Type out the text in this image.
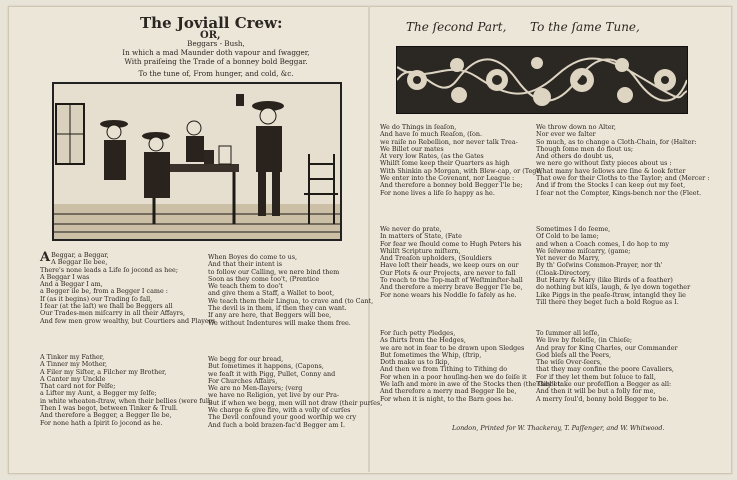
The Joviall Crew:
OR,
Beggars - Bush,
In which a mad Maunder doth vapour and ſwagger,
With praiſeing the Trade of a bonney bold Beggar.
To the tune of, From hunger, and cold, &c.
A Beggar, a Beggar,
A Beggar Ile bee,
There's none leads a Life ſo jocond as hee;
A Beggar I was
And a Beggar I am,
a Begger ile be, from a Begger I came :
If (as it begins) our Trading ſo fall,
I fear (at the laſt) we ſhall be Beggers all
Our Trades-men miſcarry in all their Affayrs,
And few men grow wealthy, but Courtiers and Players
When Boyes do come to us,
And that their intent is
to follow our Calling, we nere bind them
Soon as they come too't, (Prentice
We teach them to doo't
and give them a Staff, a Wallet to boot,
We teach them their Lingua, to crave and (to Cant,
The devil is in them, if then they can want.
If any are here, that Beggers will bee,
We without Indentures will make them free.
A Tinker my Father,
A Tinner my Mother,
A Filer my Siſter, a Filcher my Brother,
A Canter my Unckle
That card not for Pelfe;
a Lifter my Aunt, a Begger my ſelfe;
in white wheaten-ſtraw, when their bellies (were full,
Then I was begot, between Tinker & Trull.
And therefore a Begger, a Begger Ile be,
For none hath a ſpirit ſo jocond as he.
We begg for our bread,
But ſometimes it happens, (Capons,
we feaſt it with Pigg, Pullet, Conny and
For Churches Affairs,
We are no Men-ſlayers; (verg
we have no Religion, yet live by our Pra-
But if when we begg, men will not draw (their purſes,
We charge & give fire, with a volly of curſes
The Devil confound your good worſhip we cry
And ſuch a bold brazen-fac'd Begger am I.
The ſecond Part, To the ſame Tune,
We do Things in ſeaſon,
And have ſo much Reaſon, (ſon.
we raiſe no Rebellion, nor never talk Trea-
We Billet our mates
At very low Rates, (as the Gates
Whilſt ſome keep their Quarters as high
With Shinkin ap Morgan, with Blew-cap, or (Tege,
We enter into the Covenant, nor League :
And therefore a bonney bold Begger I'le be;
For none lives a life ſo happy as he.
We throw down no Alter,
Nor ever we falter
So much, as to change a Cloth-Chain, for (Halter:
Though ſome men do flout us;
And others do doubt us,
we nere go without ſixty pieces about us :
What many have ſellows are ſine & look fetter
That owe for their Cloths to the Taylor; and (Mercer :
And if from the Stocks I can keep out my feet,
I fear not the Compter, Kings-bench nor the (Fleet.
We never do prate,
In matters of State, (Fate
For fear we ſhould come to Hugh Peters his
Whilſt Scripture miſtern,
And Treaſon upholders, (Souldiers
Have loſt their heads, we keep ours on our
Our Plots & our Projects, are never to fall
To reach to the Top-maſt of Weſtminſter-hall
And therefore a merry brave Begger I'le be,
For none wears his Noddle ſo ſafely as he.
Sometimes I do ſeeme,
Of Cold to be lame;
and when a Coach comes, I do hop to my
We ſelwome miſcarry, (game;
Yet never do Marry,
By th' Goſwins Common-Prayer, nor th'
(Cloak-Directory,
But Harry & Mary (like Birds of a feather)
do nothing but kiſs, laugh, & lye down together
Like Piggs in the peaſe-ſtraw, intangld they lie
Till there they beget ſuch a bold Rogue as I.
For ſuch petty Pledges,
As ſhirts from the Hedges,
we are not in fear to be drawn upon Sledges
But ſometimes the Whip, (ſtrip,
Doth make us to ſkip,
And then we from Tithing to Tithing do
For when in a poor houſing-hen we do ſeiſe it
We laſh and more in awe of the Stocks then (the Gibbet:
And therefore a merry mad Begger Ile be,
For when it is night, to the Barn goes he.
To ſummer all leſſe,
We live by ſteleſſe, (in Chieſe;
And pray for King Charles, our Commander
God bleſs all the Peers,
The wiſe Over-ſeers,
that they may confine the poore Cavaliers,
For if they let them but ſoluce to fall,
They'l take our profeſſion a Begger as all:
And then it will be but a folly for me,
A merry ſoul'd, bonny bold Begger to be.
London, Printed for W. Thackeray, T. Paſſenger, and W. Whitwood.
